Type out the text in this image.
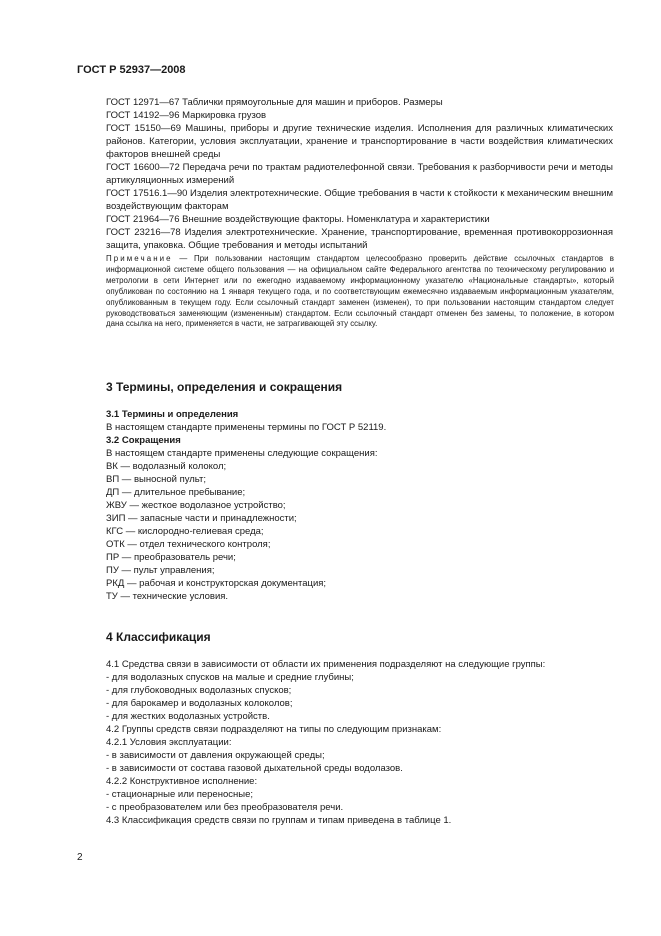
ГОСТ Р 52937—2008

ГОСТ 12971—67 Таблички прямоугольные для машин и приборов. Размеры

ГОСТ 14192—96 Маркировка грузов

ГОСТ 15150—69 Машины, приборы и другие технические изделия. Исполнения для различных климатических районов. Категории, условия эксплуатации, хранение и транспортирование в части воздействия климатических факторов внешней среды

ГОСТ 16600—72 Передача речи по трактам радиотелефонной связи. Требования к разборчивости речи и методы артикуляционных измерений

ГОСТ 17516.1—90 Изделия электротехнические. Общие требования в части к стойкости к механическим внешним воздействующим факторам

ГОСТ 21964—76 Внешние воздействующие факторы. Номенклатура и характеристики

ГОСТ 23216—78 Изделия электротехнические. Хранение, транспортирование, временная противокоррозионная защита, упаковка. Общие требования и методы испытаний

Примечание — При пользовании настоящим стандартом целесообразно проверить действие ссылочных стандартов в информационной системе общего пользования — на официальном сайте Федерального агентства по техническому регулированию и метрологии в сети Интернет или по ежегодно издаваемому информационному указателю «Национальные стандарты», который опубликован по состоянию на 1 января текущего года, и по соответствующим ежемесячно издаваемым информационным указателям, опубликованным в текущем году. Если ссылочный стандарт заменен (изменен), то при пользовании настоящим стандартом следует руководствоваться заменяющим (измененным) стандартом. Если ссылочный стандарт отменен без замены, то положение, в котором дана ссылка на него, применяется в части, не затрагивающей эту ссылку.
3 Термины, определения и сокращения

3.1 Термины и определения

В настоящем стандарте применены термины по ГОСТ Р 52119.

3.2 Сокращения

В настоящем стандарте применены следующие сокращения:

ВК — водолазный колокол;

ВП — выносной пульт;

ДП — длительное пребывание;

ЖВУ — жесткое водолазное устройство;

ЗИП — запасные части и принадлежности;

КГС — кислородно-гелиевая среда;

ОТК — отдел технического контроля;

ПР — преобразователь речи;

ПУ — пульт управления;

РКД — рабочая и конструкторская документация;

ТУ — технические условия.

4 Классификация

4.1 Средства связи в зависимости от области их применения подразделяют на следующие группы:

- для водолазных спусков на малые и средние глубины;

- для глубоководных водолазных спусков;

- для барокамер и водолазных колоколов;

- для жестких водолазных устройств.

4.2 Группы средств связи подразделяют на типы по следующим признакам:

4.2.1 Условия эксплуатации:

- в зависимости от давления окружающей среды;

- в зависимости от состава газовой дыхательной среды водолазов.

4.2.2 Конструктивное исполнение:

- стационарные или переносные;

- с преобразователем или без преобразователя речи.

4.3 Классификация средств связи по группам и типам приведена в таблице 1.

2
